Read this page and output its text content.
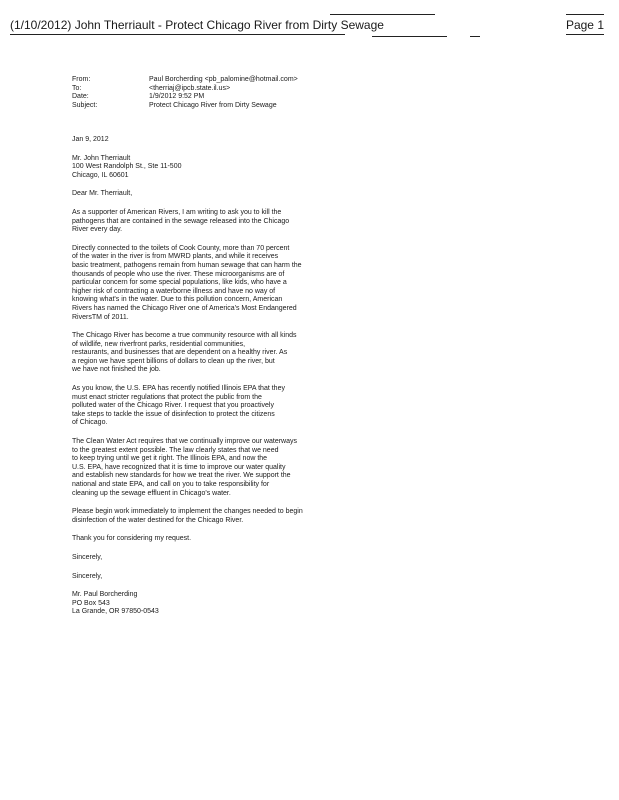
(1/10/2012) John Therriault - Protect Chicago River from Dirty Sewage	Page 1
From:	Paul Borcherding <pb_palomine@hotmail.com>
To:	<therriaj@ipcb.state.il.us>
Date:	1/9/2012 9:52 PM
Subject:	Protect Chicago River from Dirty Sewage
Jan 9, 2012
Mr. John Therriault
100 West Randolph St., Ste 11-500
Chicago, IL 60601
Dear Mr. Therriault,
As a supporter of American Rivers, I am writing to ask you to kill the
pathogens that are contained in the sewage released into the Chicago
River every day.
Directly connected to the toilets of Cook County, more than 70 percent
of the water in the river is from MWRD plants, and while it receives
basic treatment, pathogens remain from human sewage that can harm the
thousands of people who use the river. These microorganisms are of
particular concern for some special populations, like kids, who have a
higher risk of contracting a waterborne illness and have no way of
knowing what's in the water. Due to this pollution concern, American
Rivers has named the Chicago River one of America's Most Endangered
RiversTM of 2011.
The Chicago River has become a true community resource with all kinds
of wildlife, new riverfront parks, residential communities,
restaurants, and businesses that are dependent on a healthy river. As
a region we have spent billions of dollars to clean up the river, but
we have not finished the job.
As you know, the U.S. EPA has recently notified Illinois EPA that they
must enact stricter regulations that protect the public from the
polluted water of the Chicago River. I request that you proactively
take steps to tackle the issue of disinfection to protect the citizens
of Chicago.
The Clean Water Act requires that we continually improve our waterways
to the greatest extent possible. The law clearly states that we need
to keep trying until we get it right. The Illinois EPA, and now the
U.S. EPA, have recognized that it is time to improve our water quality
and establish new standards for how we treat the river. We support the
national and state EPA, and call on you to take responsibility for
cleaning up the sewage effluent in Chicago's water.
Please begin work immediately to implement the changes needed to begin
disinfection of the water destined for the Chicago River.
Thank you for considering my request.
Sincerely,
Sincerely,
Mr. Paul Borcherding
PO Box 543
La Grande, OR 97850-0543
